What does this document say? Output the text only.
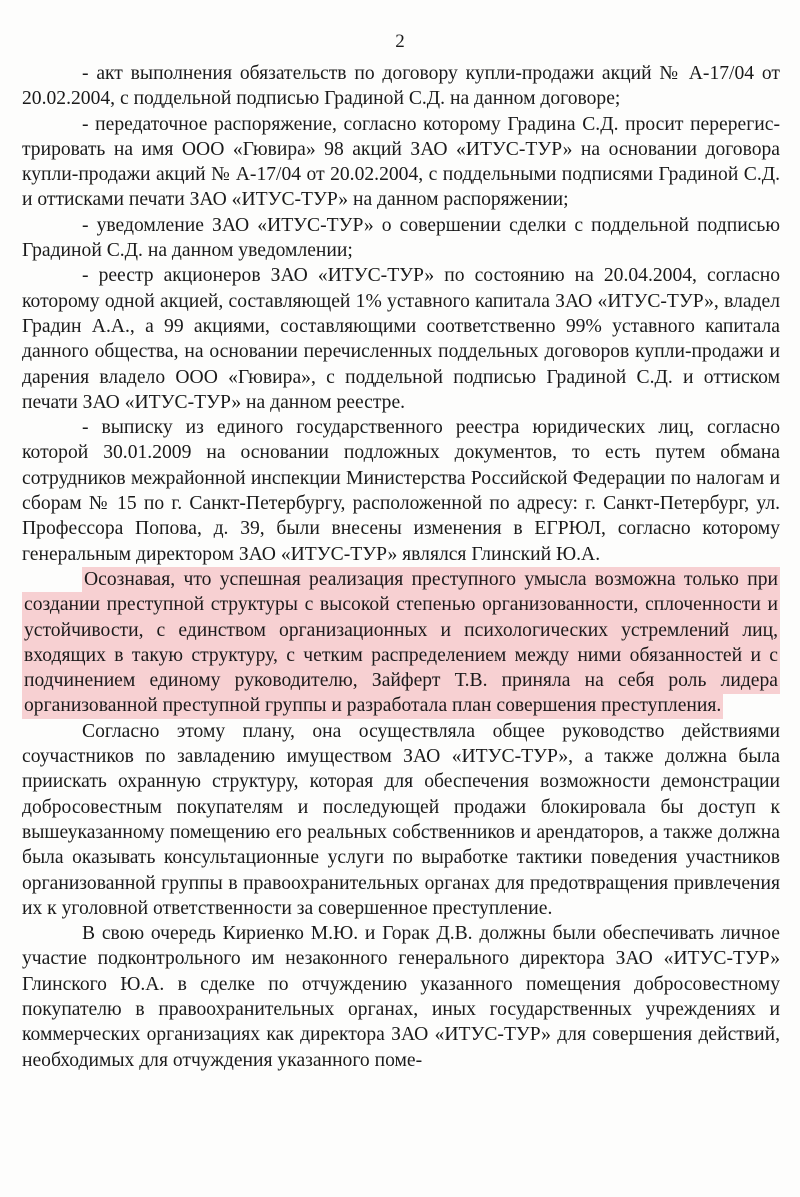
2

- акт выполнения обязательств по договору купли-продажи акций № А-17/04 от 20.02.2004, с поддельной подписью Градиной С.Д. на данном договоре;

- передаточное распоряжение, согласно которому Градина С.Д. просит перерегистрировать на имя ООО «Гювира» 98 акций ЗАО «ИТУС-ТУР» на основании договора купли-продажи акций № А-17/04 от 20.02.2004, с поддельными подписями Градиной С.Д. и оттисками печати ЗАО «ИТУС-ТУР» на данном распоряжении;

- уведомление ЗАО «ИТУС-ТУР» о совершении сделки с поддельной подписью Градиной С.Д. на данном уведомлении;

- реестр акционеров ЗАО «ИТУС-ТУР» по состоянию на 20.04.2004, согласно которому одной акцией, составляющей 1% уставного капитала ЗАО «ИТУС-ТУР», владел Градин А.А., а 99 акциями, составляющими соответственно 99% уставного капитала данного общества, на основании перечисленных поддельных договоров купли-продажи и дарения владело ООО «Гювира», с поддельной подписью Градиной С.Д. и оттиском печати ЗАО «ИТУС-ТУР» на данном реестре.

- выписку из единого государственного реестра юридических лиц, согласно которой 30.01.2009 на основании подложных документов, то есть путем обмана сотрудников межрайонной инспекции Министерства Российской Федерации по налогам и сборам № 15 по г. Санкт-Петербургу, расположенной по адресу: г. Санкт-Петербург, ул. Профессора Попова, д. 39, были внесены изменения в ЕГРЮЛ, согласно которому генеральным директором ЗАО «ИТУС-ТУР» являлся Глинский Ю.А.

Осознавая, что успешная реализация преступного умысла возможна только при создании преступной структуры с высокой степенью организованности, сплоченности и устойчивости, с единством организационных и психологических устремлений лиц, входящих в такую структуру, с четким распределением между ними обязанностей и с подчинением единому руководителю, Зайферт Т.В. приняла на себя роль лидера организованной преступной группы и разработала план совершения преступления.

Согласно этому плану, она осуществляла общее руководство действиями соучастников по завладению имуществом ЗАО «ИТУС-ТУР», а также должна была приискать охранную структуру, которая для обеспечения возможности демонстрации добросовестным покупателям и последующей продажи блокировала бы доступ к вышеуказанному помещению его реальных собственников и арендаторов, а также должна была оказывать консультационные услуги по выработке тактики поведения участников организованной группы в правоохранительных органах для предотвращения привлечения их к уголовной ответственности за совершенное преступление.

В свою очередь Кириенко М.Ю. и Горак Д.В. должны были обеспечивать личное участие подконтрольного им незаконного генерального директора ЗАО «ИТУС-ТУР» Глинского Ю.А. в сделке по отчуждению указанного помещения добросовестному покупателю в правоохранительных органах, иных государственных учреждениях и коммерческих организациях как директора ЗАО «ИТУС-ТУР» для совершения действий, необходимых для отчуждения указанного поме-
